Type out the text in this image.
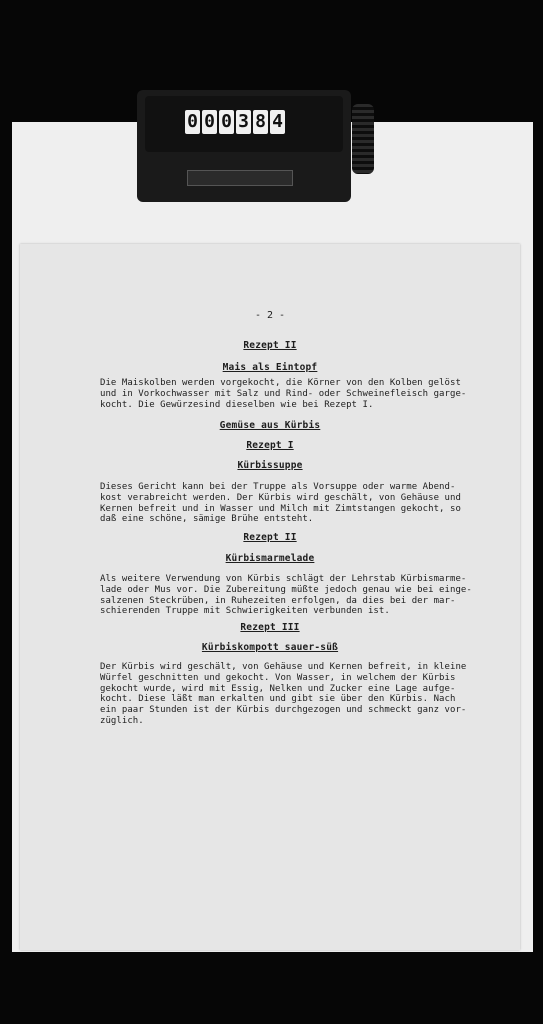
0 0 0 3 8 4
- 2 -
Rezept II
Mais als Eintopf
Die Maiskolben werden vorgekocht, die Körner von den Kolben gelöst
und in Vorkochwasser mit Salz und Rind- oder Schweinefleisch garge-
kocht. Die Gewürzesind dieselben wie bei Rezept I.
Gemüse aus Kürbis
Rezept I
Kürbissuppe
Dieses Gericht kann bei der Truppe als Vorsuppe oder warme Abend-
kost verabreicht werden. Der Kürbis wird geschält, von Gehäuse und
Kernen befreit und in Wasser und Milch mit Zimtstangen gekocht, so
daß eine schöne, sämige Brühe entsteht.
Rezept II
Kürbismarmelade
Als weitere Verwendung von Kürbis schlägt der Lehrstab Kürbismarme-
lade oder Mus vor. Die Zubereitung müßte jedoch genau wie bei einge-
salzenen Steckrüben, in Ruhezeiten erfolgen, da dies bei der mar-
schierenden Truppe mit Schwierigkeiten verbunden ist.
Rezept III
Kürbiskompott sauer-süß
Der Kürbis wird geschält, von Gehäuse und Kernen befreit, in kleine
Würfel geschnitten und gekocht. Von Wasser, in welchem der Kürbis
gekocht wurde, wird mit Essig, Nelken und Zucker eine Lage aufge-
kocht. Diese läßt man erkalten und gibt sie über den Kürbis. Nach
ein paar Stunden ist der Kürbis durchgezogen und schmeckt ganz vor-
züglich.
